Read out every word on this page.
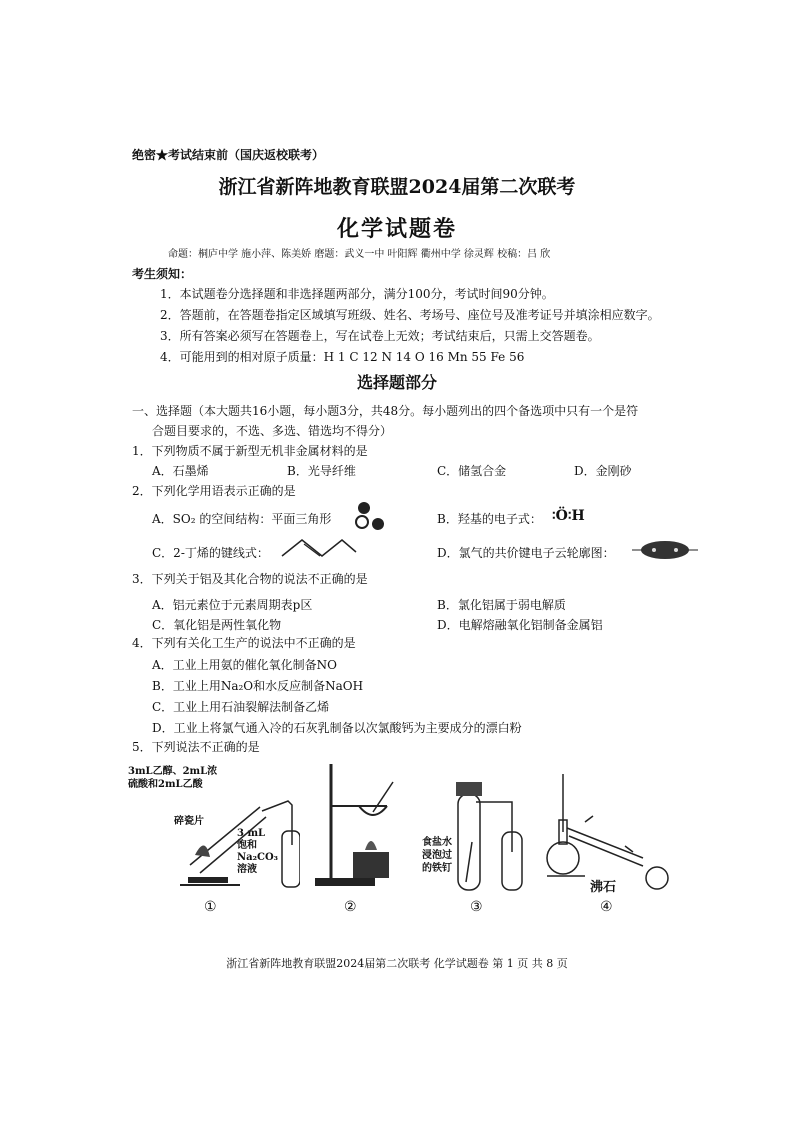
绝密★考试结束前（国庆返校联考）
浙江省新阵地教育联盟2024届第二次联考
化学试题卷
命题：桐庐中学 施小萍、陈美娇 磨题：武义一中 叶阳辉 衢州中学 徐灵辉 校稿：吕 欣
考生须知：
1．本试题卷分选择题和非选择题两部分，满分100分，考试时间90分钟。
2．答题前，在答题卷指定区域填写班级、姓名、考场号、座位号及准考证号并填涂相应数字。
3．所有答案必须写在答题卷上，写在试卷上无效；考试结束后，只需上交答题卷。
4．可能用到的相对原子质量：H 1 C 12 N 14 O 16 Mn 55 Fe 56
选择题部分
一、选择题（本大题共16小题，每小题3分，共48分。每小题列出的四个备选项中只有一个是符
合题目要求的，不选、多选、错选均不得分）
1．下列物质不属于新型无机非金属材料的是
A．石墨烯	B．光导纤维	C．储氢合金	D．金刚砂
2．下列化学用语表示正确的是
A．SO₂ 的空间结构：平面三角形	B．羟基的电子式： ∶Ö∶H
C．2-丁烯的键线式：	D．氯气的共价键电子云轮廓图：
3．下列关于铝及其化合物的说法不正确的是
A．铝元素位于元素周期表p区	B．氯化铝属于弱电解质
C．氧化铝是两性氧化物	D．电解熔融氧化铝制备金属铝
4．下列有关化工生产的说法中不正确的是
A．工业上用氨的催化氧化制备NO
B．工业上用Na₂O和水反应制备NaOH
C．工业上用石油裂解法制备乙烯
D．工业上将氯气通入冷的石灰乳制备以次氯酸钙为主要成分的漂白粉
5．下列说法不正确的是
3mL乙醇、2mL浓
硫酸和2mL乙酸
碎瓷片
3 mL
饱和
Na₂CO₃
溶液
食盐水
浸泡过
的铁钉
沸石
①	②	③	④
浙江省新阵地教育联盟2024届第二次联考 化学试题卷 第 1 页 共 8 页
